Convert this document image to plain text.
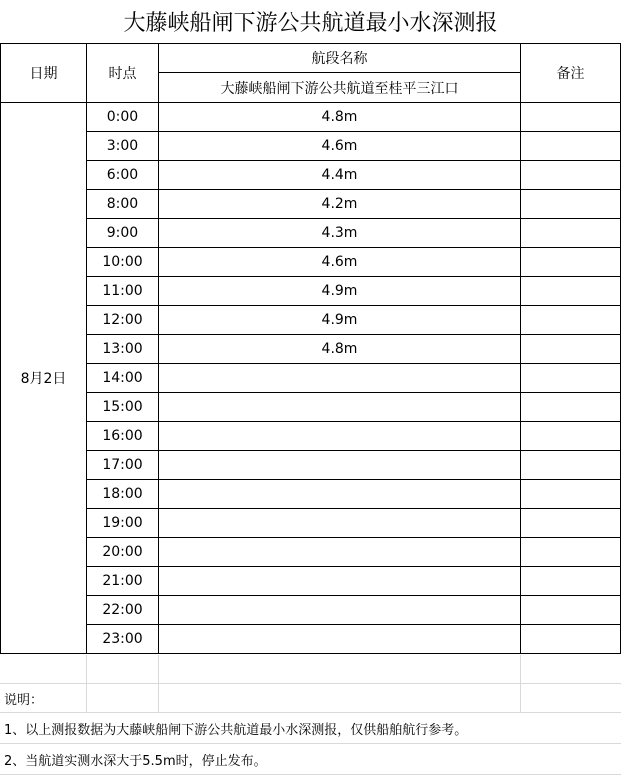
大藤峡船闸下游公共航道最小水深测报
日期	时点	航段名称	备注
		大藤峡船闸下游公共航道至桂平三江口	
8月2日	0:00	4.8m	
	3:00	4.6m	
	6:00	4.4m	
	8:00	4.2m	
	9:00	4.3m	
	10:00	4.6m	
	11:00	4.9m	
	12:00	4.9m	
	13:00	4.8m	
	14:00		
	15:00		
	16:00		
	17:00		
	18:00		
	19:00		
	20:00		
	21:00		
	22:00		
	23:00		
说明：
1、以上测报数据为大藤峡船闸下游公共航道最小水深测报，仅供船舶航行参考。
2、当航道实测水深大于5.5m时，停止发布。
